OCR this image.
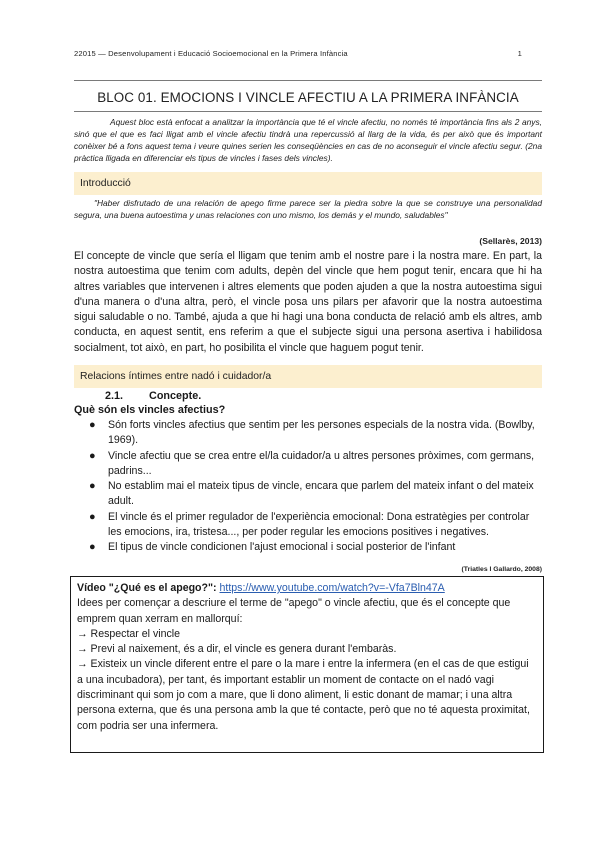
22015 — Desenvolupament i Educació Socioemocional en la Primera Infància	1
BLOC 01. EMOCIONS I VINCLE AFECTIU A LA PRIMERA INFÀNCIA
Aquest bloc està enfocat a analitzar la importància que té el vincle afectiu, no només té importància fins als 2 anys, sinó que el que es faci lligat amb el vincle afectiu tindrà una repercussió al llarg de la vida, és per això que és important conèixer bé a fons aquest tema i veure quines serien les conseqüències en cas de no aconseguir el vincle afectiu segur. (2na pràctica lligada en diferenciar els tipus de vincles i fases dels vincles).
Introducció
"Haber disfrutado de una relación de apego firme parece ser la piedra sobre la que se construye una personalidad segura, una buena autoestima y unas relaciones con uno mismo, los demás y el mundo, saludables"
(Sellarès, 2013)
El concepte de vincle que sería el lligam que tenim amb el nostre pare i la nostra mare. En part, la nostra autoestima que tenim com adults, depèn del vincle que hem pogut tenir, encara que hi ha altres variables que intervenen i altres elements que poden ajuden a que la nostra autoestima sigui d'una manera o d'una altra, però, el vincle posa uns pilars per afavorir que la nostra autoestima sigui saludable o no. També, ajuda a que hi hagi una bona conducta de relació amb els altres, amb conducta, en aquest sentit, ens referim a que el subjecte sigui una persona asertiva i habilidosa socialment, tot això, en part, ho posibilita el vincle que haguem pogut tenir.
Relacions íntimes entre nadó i cuidador/a
2.1. Concepte.
Què són els vincles afectius?
● Són forts vincles afectius que sentim per les persones especials de la nostra vida. (Bowlby, 1969).
● Vincle afectiu que se crea entre el/la cuidador/a u altres persones pròximes, com germans, padrins...
● No establim mai el mateix tipus de vincle, encara que parlem del mateix infant o del mateix adult.
● El vincle és el primer regulador de l'experiència emocional: Dona estratègies per controlar les emocions, ira, tristesa..., per poder regular les emocions positives i negatives.
● El tipus de vincle condicionen l'ajust emocional i social posterior de l'infant
(Triatles I Gallardo, 2008)

Vídeo "¿Qué es el apego?": https://www.youtube.com/watch?v=-Vfa7Bln47A

Idees per començar a descriure el terme de "apego" o vincle afectiu, que és el concepte que emprem quan xerram en mallorquí:

→ Respectar el vincle

→ Previ al naixement, és a dir, el vincle es genera durant l'embaràs.

→ Existeix un vincle diferent entre el pare o la mare i entre la infermera (en el cas de que estigui a una incubadora), per tant, és important establir un moment de contacte on el nadó vagi discriminant qui som jo com a mare, que li dono aliment, li estic donant de mamar; i una altra persona externa, que és una persona amb la que té contacte, però que no té aquesta proximitat, com podria ser una infermera.
